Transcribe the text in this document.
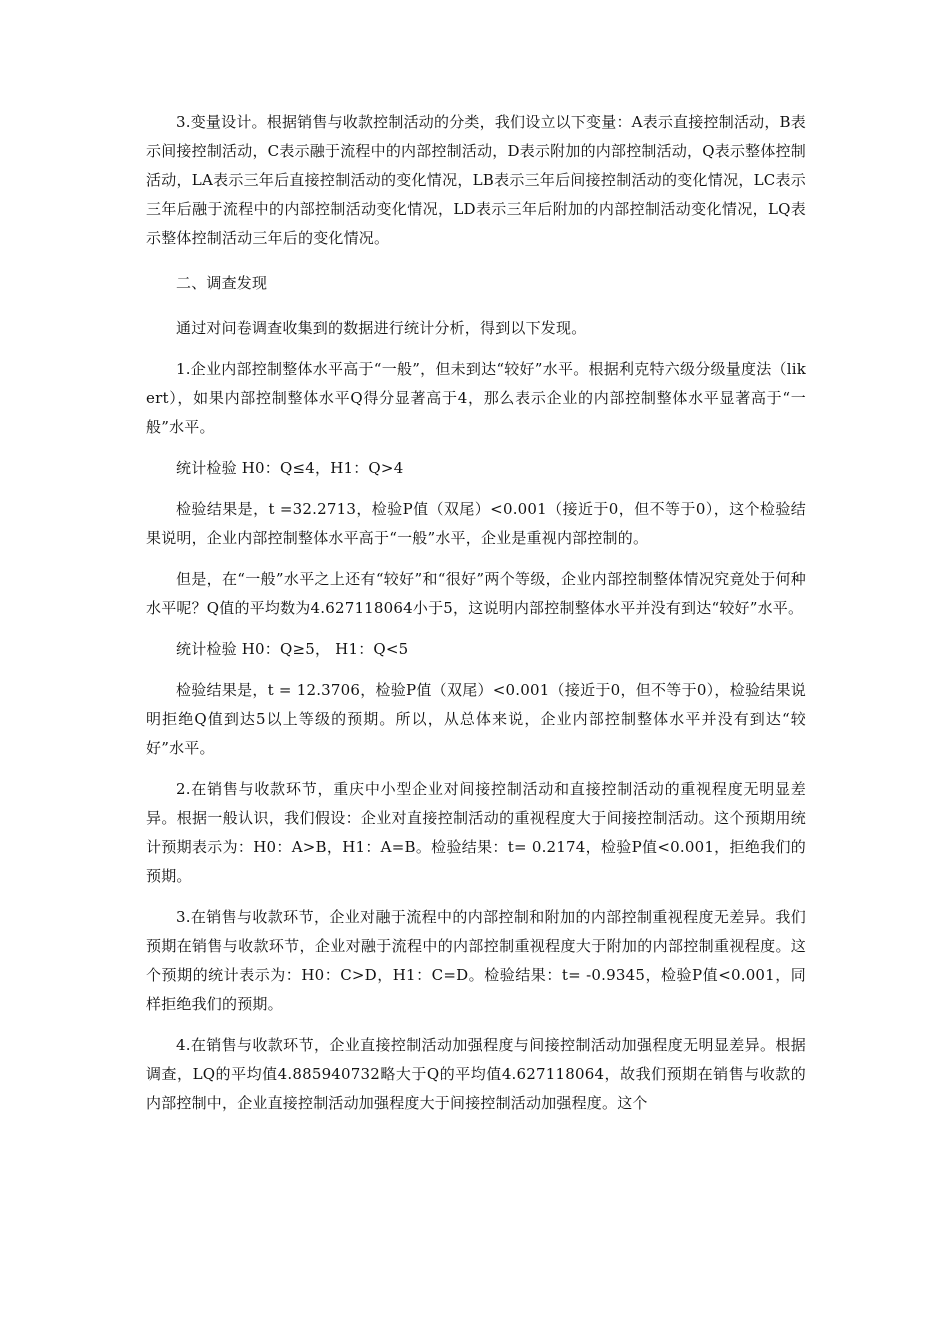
3.变量设计。根据销售与收款控制活动的分类，我们设立以下变量：A表示直接控制活动，B表示间接控制活动，C表示融于流程中的内部控制活动，D表示附加的内部控制活动，Q表示整体控制活动，LA表示三年后直接控制活动的变化情况，LB表示三年后间接控制活动的变化情况，LC表示三年后融于流程中的内部控制活动变化情况，LD表示三年后附加的内部控制活动变化情况，LQ表示整体控制活动三年后的变化情况。

二、调查发现

通过对问卷调查收集到的数据进行统计分析，得到以下发现。

1.企业内部控制整体水平高于“一般”，但未到达“较好”水平。根据利克特六级分级量度法（likert），如果内部控制整体水平Q得分显著高于4，那么表示企业的内部控制整体水平显著高于“一般”水平。

统计检验 H0：Q≤4，H1：Q>4

检验结果是，t =32.2713，检验P值（双尾）<0.001（接近于0，但不等于0），这个检验结果说明，企业内部控制整体水平高于“一般”水平，企业是重视内部控制的。

但是，在“一般”水平之上还有“较好”和“很好”两个等级，企业内部控制整体情况究竟处于何种水平呢？Q值的平均数为4.627118064小于5，这说明内部控制整体水平并没有到达“较好”水平。

统计检验 H0：Q≥5， H1：Q<5

检验结果是，t = 12.3706，检验P值（双尾）<0.001（接近于0，但不等于0），检验结果说明拒绝Q值到达5以上等级的预期。所以，从总体来说，企业内部控制整体水平并没有到达“较好”水平。

2.在销售与收款环节，重庆中小型企业对间接控制活动和直接控制活动的重视程度无明显差异。根据一般认识，我们假设：企业对直接控制活动的重视程度大于间接控制活动。这个预期用统计预期表示为：H0：A>B，H1：A=B。检验结果：t= 0.2174，检验P值<0.001，拒绝我们的预期。

3.在销售与收款环节，企业对融于流程中的内部控制和附加的内部控制重视程度无差异。我们预期在销售与收款环节，企业对融于流程中的内部控制重视程度大于附加的内部控制重视程度。这个预期的统计表示为：H0：C>D，H1：C=D。检验结果：t= -0.9345，检验P值<0.001，同样拒绝我们的预期。

4.在销售与收款环节，企业直接控制活动加强程度与间接控制活动加强程度无明显差异。根据调查，LQ的平均值4.885940732略大于Q的平均值4.627118064，故我们预期在销售与收款的内部控制中，企业直接控制活动加强程度大于间接控制活动加强程度。这个
